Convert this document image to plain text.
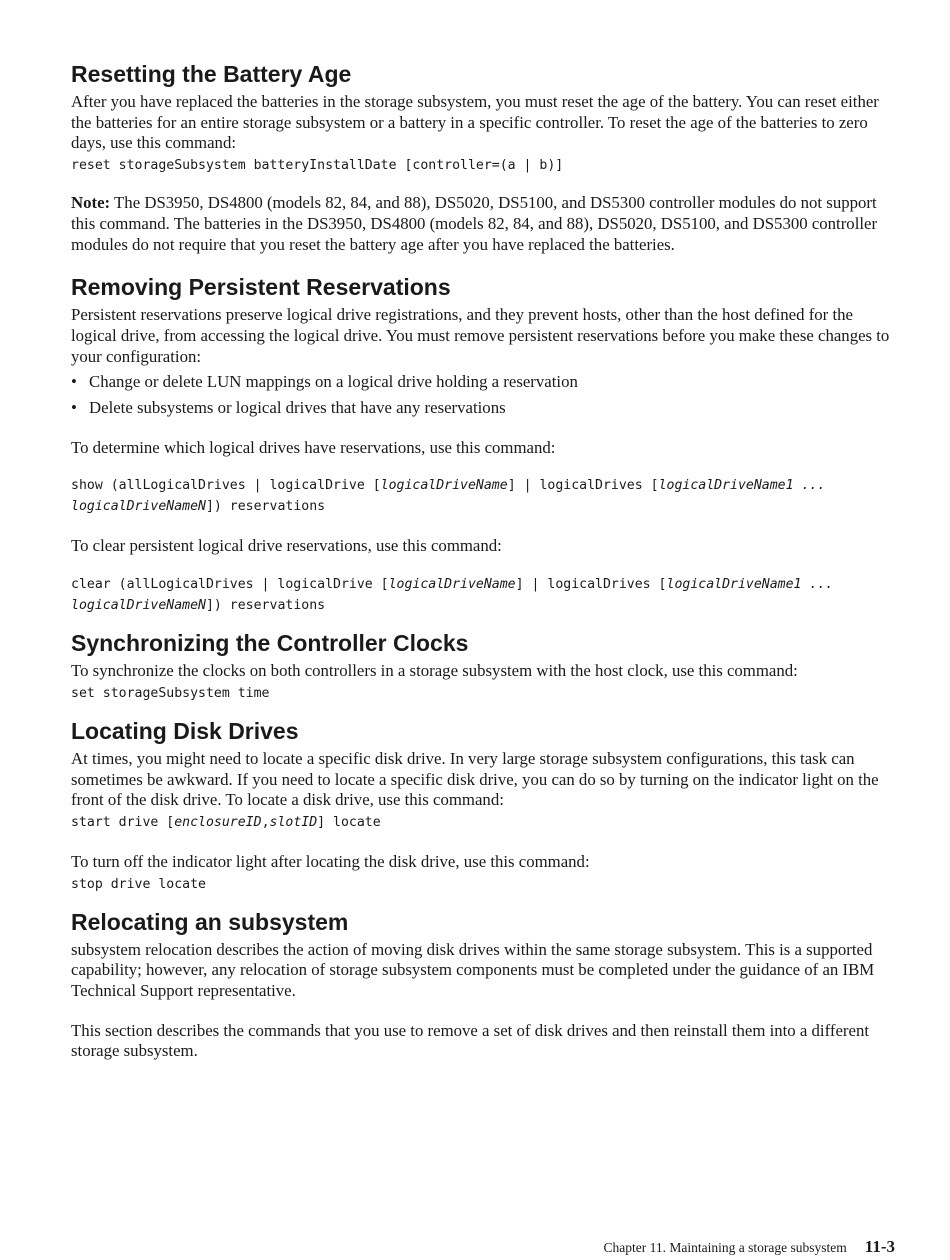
Resetting the Battery Age

After you have replaced the batteries in the storage subsystem, you must reset the age of the battery. You can reset either the batteries for an entire storage subsystem or a battery in a specific controller. To reset the age of the batteries to zero days, use this command:

reset storageSubsystem batteryInstallDate [controller=(a | b)]

Note: The DS3950, DS4800 (models 82, 84, and 88), DS5020, DS5100, and DS5300 controller modules do not support this command. The batteries in the DS3950, DS4800 (models 82, 84, and 88), DS5020, DS5100, and DS5300 controller modules do not require that you reset the battery age after you have replaced the batteries.

Removing Persistent Reservations

Persistent reservations preserve logical drive registrations, and they prevent hosts, other than the host defined for the logical drive, from accessing the logical drive. You must remove persistent reservations before you make these changes to your configuration:

• Change or delete LUN mappings on a logical drive holding a reservation
• Delete subsystems or logical drives that have any reservations

To determine which logical drives have reservations, use this command:

show (allLogicalDrives | logicalDrive [logicalDriveName] | logicalDrives [logicalDriveName1 ...
logicalDriveNameN]) reservations

To clear persistent logical drive reservations, use this command:

clear (allLogicalDrives | logicalDrive [logicalDriveName] | logicalDrives [logicalDriveName1 ...
logicalDriveNameN]) reservations
Synchronizing the Controller Clocks

To synchronize the clocks on both controllers in a storage subsystem with the host clock, use this command:

set storageSubsystem time
Locating Disk Drives

At times, you might need to locate a specific disk drive. In very large storage subsystem configurations, this task can sometimes be awkward. If you need to locate a specific disk drive, you can do so by turning on the indicator light on the front of the disk drive. To locate a disk drive, use this command:

start drive [enclosureID,slotID] locate

To turn off the indicator light after locating the disk drive, use this command:

stop drive locate
Relocating an subsystem

subsystem relocation describes the action of moving disk drives within the same storage subsystem. This is a supported capability; however, any relocation of storage subsystem components must be completed under the guidance of an IBM Technical Support representative.

This section describes the commands that you use to remove a set of disk drives and then reinstall them into a different storage subsystem.

Chapter 11. Maintaining a storage subsystem 11-3
